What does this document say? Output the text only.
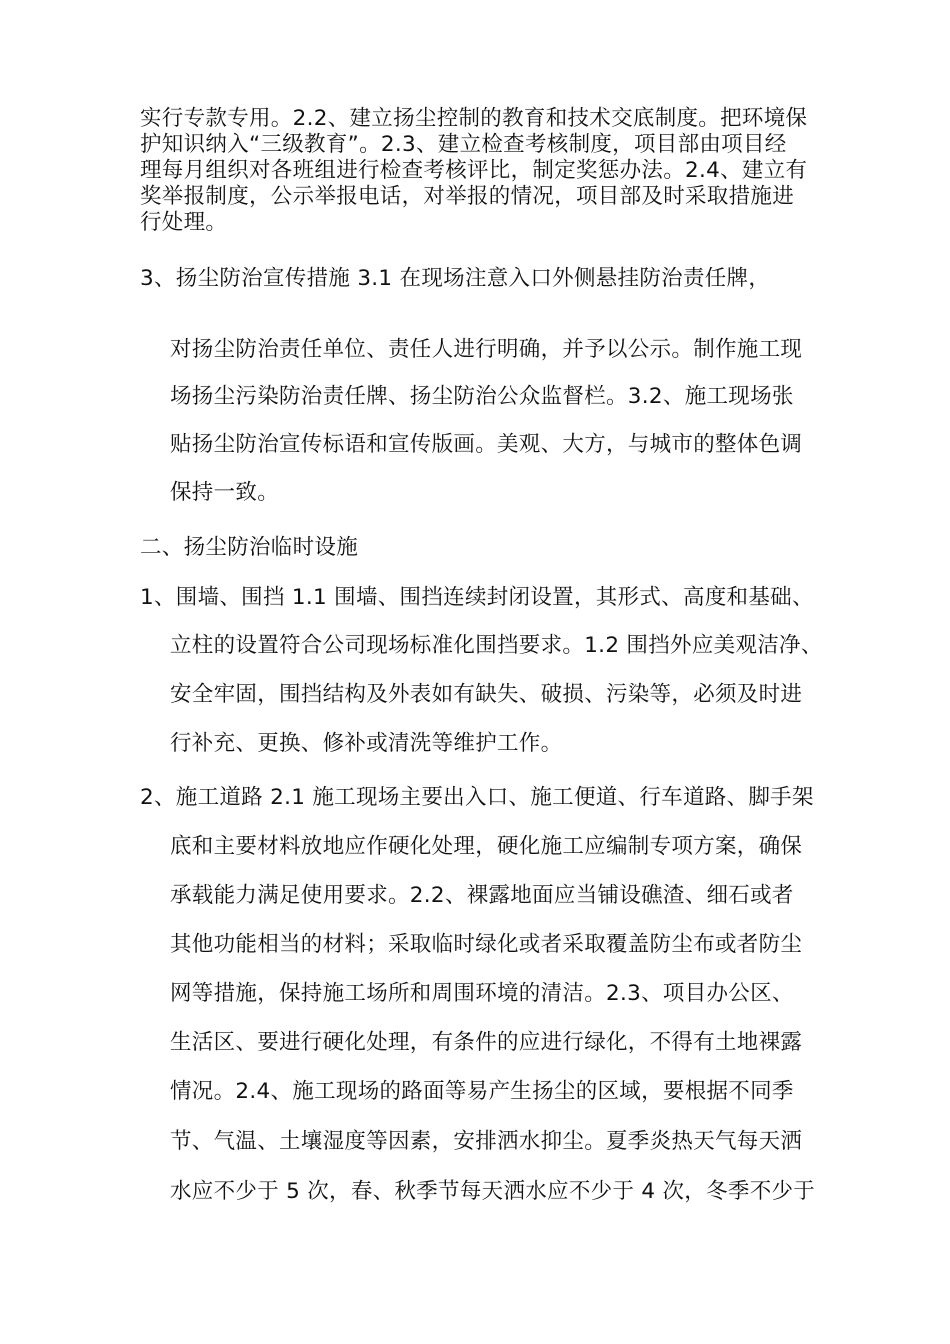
实行专款专用。2.2、建立扬尘控制的教育和技术交底制度。把环境保
护知识纳入“三级教育”。2.3、建立检查考核制度，项目部由项目经
理每月组织对各班组进行检查考核评比，制定奖惩办法。2.4、建立有
奖举报制度，公示举报电话，对举报的情况，项目部及时采取措施进
行处理。
3、扬尘防治宣传措施 3.1 在现场注意入口外侧悬挂防治责任牌，
对扬尘防治责任单位、责任人进行明确，并予以公示。制作施工现
场扬尘污染防治责任牌、扬尘防治公众监督栏。3.2、施工现场张
贴扬尘防治宣传标语和宣传版画。美观、大方，与城市的整体色调
保持一致。
二、扬尘防治临时设施
1、围墙、围挡 1.1 围墙、围挡连续封闭设置，其形式、高度和基础、
立柱的设置符合公司现场标准化围挡要求。1.2 围挡外应美观洁净、
安全牢固，围挡结构及外表如有缺失、破损、污染等，必须及时进
行补充、更换、修补或清洗等维护工作。
2、施工道路 2.1 施工现场主要出入口、施工便道、行车道路、脚手架
底和主要材料放地应作硬化处理，硬化施工应编制专项方案，确保
承载能力满足使用要求。2.2、裸露地面应当铺设礁渣、细石或者
其他功能相当的材料；采取临时绿化或者采取覆盖防尘布或者防尘
网等措施，保持施工场所和周围环境的清洁。2.3、项目办公区、
生活区、要进行硬化处理，有条件的应进行绿化，不得有土地裸露
情况。2.4、施工现场的路面等易产生扬尘的区域，要根据不同季
节、气温、土壤湿度等因素，安排洒水抑尘。夏季炎热天气每天洒
水应不少于 5 次，春、秋季节每天洒水应不少于 4 次，冬季不少于
